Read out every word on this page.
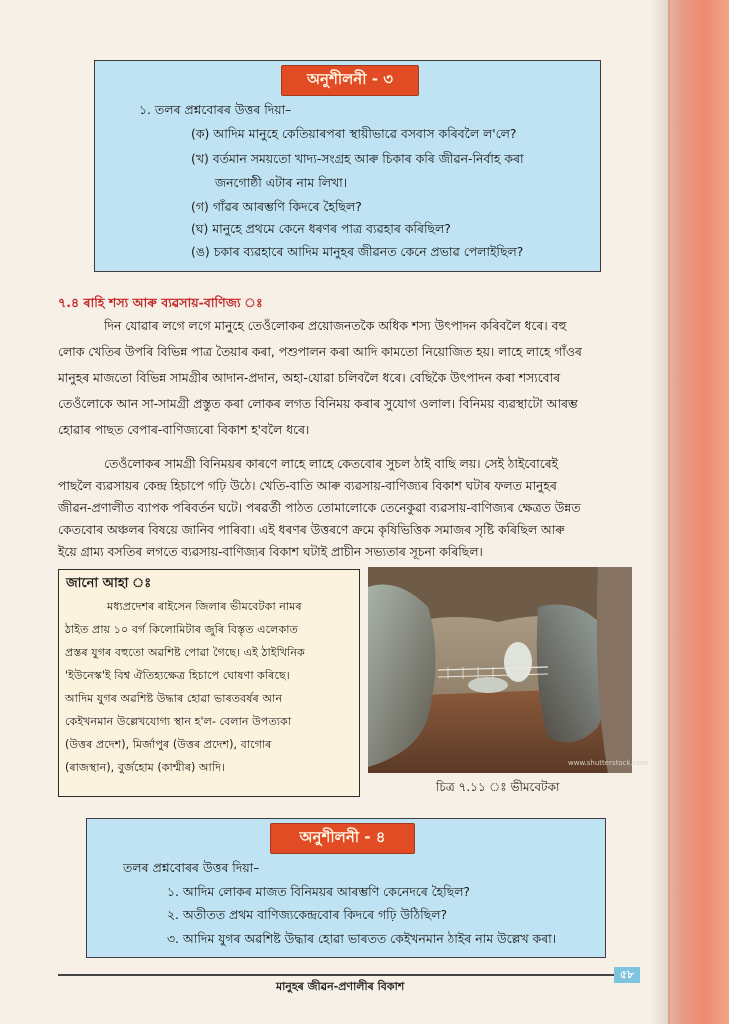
অনুশীলনী - ৩
১. তলৰ প্ৰশ্নবোৰৰ উত্তৰ দিয়া–
(ক) আদিম মানুহে কেতিয়াৰপৰা স্থায়ীভাৱে বসবাস কৰিবলৈ ল'লে?
(খ) বৰ্তমান সময়তো খাদ্য-সংগ্ৰহ আৰু চিকাৰ কৰি জীৱন-নিৰ্বাহ কৰা
জনগোষ্ঠী এটাৰ নাম লিখা।
(গ) গাঁৱৰ আৰম্ভণি কিদৰে হৈছিল?
(ঘ) মানুহে প্ৰথমে কেনে ধৰণৰ পাত্ৰ ব্যৱহাৰ কৰিছিল?
(ঙ) চকাৰ ব্যৱহাৰে আদিম মানুহৰ জীৱনত কেনে প্ৰভাৱ পেলাইছিল?
৭.৪ ৰাহি শস্য আৰু ব্যৱসায়-বাণিজ্য ঃ
দিন যোৱাৰ লগে লগে মানুহে তেওঁলোকৰ প্ৰয়োজনতকৈ অধিক শস্য উৎপাদন কৰিবলৈ ধৰে। বহু
লোক খেতিৰ উপৰি বিভিন্ন পাত্ৰ তৈয়াৰ কৰা, পশুপালন কৰা আদি কামতো নিয়োজিত হয়। লাহে লাহে গাঁওৰ
মানুহৰ মাজতো বিভিন্ন সামগ্ৰীৰ আদান-প্ৰদান, অহা-যোৱা চলিবলৈ ধৰে। বেছিকৈ উৎপাদন কৰা শস্যবোৰ
তেওঁলোকে আন সা-সামগ্ৰী প্ৰস্তুত কৰা লোকৰ লগত বিনিময় কৰাৰ সুযোগ ওলাল। বিনিময় ব্যৱস্থাটো আৰম্ভ
হোৱাৰ পাছত বেপাৰ-বাণিজ্যৰো বিকাশ হ'বলৈ ধৰে।
তেওঁলোকৰ সামগ্ৰী বিনিময়ৰ কাৰণে লাহে লাহে কেতবোৰ সুচল ঠাই বাছি লয়। সেই ঠাইবোৰেই
পাছলৈ ব্যৱসায়ৰ কেন্দ্ৰ হিচাপে গঢ়ি উঠে। খেতি-বাতি আৰু ব্যৱসায়-বাণিজ্যৰ বিকাশ ঘটাৰ ফলত মানুহৰ
জীৱন-প্ৰণালীত ব্যাপক পৰিবৰ্তন ঘটে। পৰৱৰ্তী পাঠত তোমালোকে তেনেকুৱা ব্যৱসায়-বাণিজ্যৰ ক্ষেত্ৰত উন্নত
কেতবোৰ অঞ্চলৰ বিষয়ে জানিব পাৰিবা। এই ধৰণৰ উত্তৰণে ক্ৰমে কৃষিভিত্তিক সমাজৰ সৃষ্টি কৰিছিল আৰু
ইয়ে গ্ৰাম্য বসতিৰ লগতে ব্যৱসায়-বাণিজ্যৰ বিকাশ ঘটাই প্ৰাচীন সভ্যতাৰ সূচনা কৰিছিল।
জানো আহা ঃ
মধ্যপ্ৰদেশৰ ৰাইসেন জিলাৰ ভীমবেটকা নামৰ
ঠাইত প্ৰায় ১০ বৰ্গ কিলোমিটাৰ জুৰি বিস্তৃত এলেকাত
প্ৰস্তৰ যুগৰ বহুতো অৱশিষ্ট পোৱা গৈছে। এই ঠাইখিনিক
'ইউনেস্ক'ই বিশ্ব ঐতিহ্যক্ষেত্ৰ হিচাপে ঘোষণা কৰিছে।
আদিম যুগৰ অৱশিষ্ট উদ্ধাৰ হোৱা ভাৰতবৰ্ষৰ আন
কেইখনমান উল্লেখযোগ্য স্থান হ'ল- বেলান উপত্যকা
(উত্তৰ প্ৰদেশ), মিৰ্জাপুৰ (উত্তৰ প্ৰদেশ), বাগোৰ
(ৰাজস্থান), বুৰ্জহোম (কাশ্মীৰ) আদি।	www.shutterstock.com
চিত্ৰ ৭.১১ ঃ ভীমবেটকা
অনুশীলনী - ৪
তলৰ প্ৰশ্নবোৰৰ উত্তৰ দিয়া–
১. আদিম লোকৰ মাজত বিনিময়ৰ আৰম্ভণি কেনেদৰে হৈছিল?
২. অতীতত প্ৰথম বাণিজ্যকেন্দ্ৰবোৰ কিদৰে গঢ়ি উঠিছিল?
৩. আদিম যুগৰ অৱশিষ্ট উদ্ধাৰ হোৱা ভাৰতত কেইখনমান ঠাইৰ নাম উল্লেখ কৰা।
৫৮
মানুহৰ জীৱন-প্ৰণালীৰ বিকাশ
